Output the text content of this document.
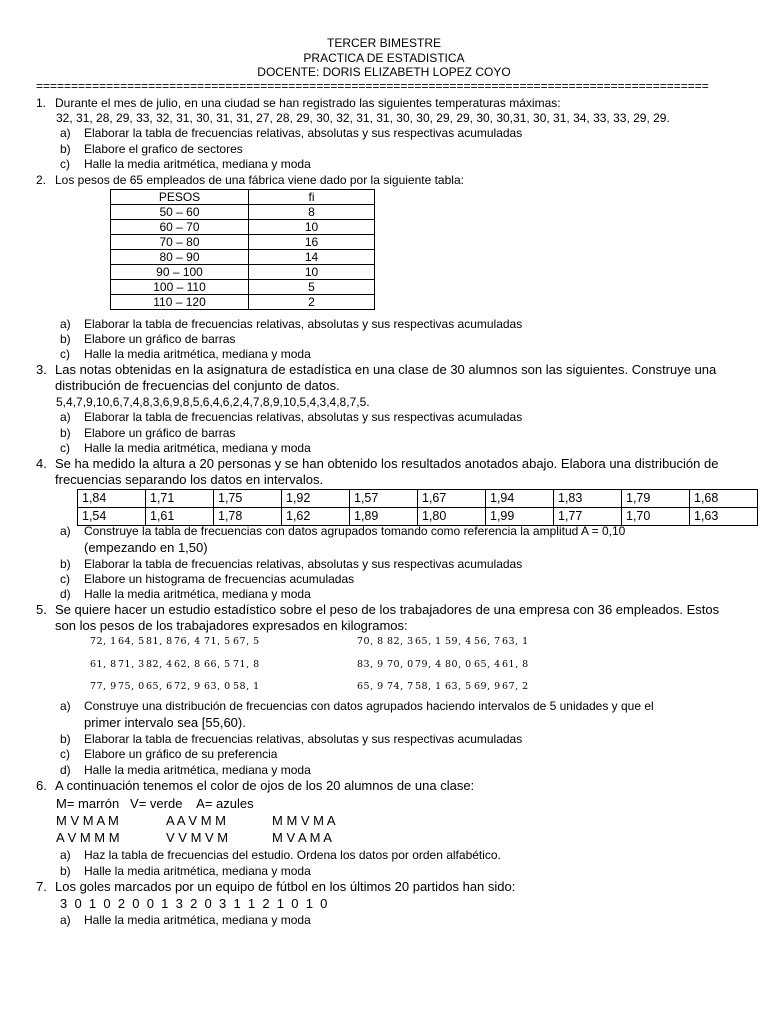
TERCER BIMESTRE
PRACTICA DE ESTADISTICA
DOCENTE: DORIS ELIZABETH LOPEZ COYO
================================================================================================
1. Durante el mes de julio, en una ciudad se han registrado las siguientes temperaturas máximas:
32, 31, 28, 29, 33, 32, 31, 30, 31, 31, 27, 28, 29, 30, 32, 31, 31, 30, 30, 29, 29, 30, 30,31, 30, 31, 34, 33, 33, 29, 29.
a) Elaborar la tabla de frecuencias relativas, absolutas y sus respectivas acumuladas
b) Elabore el grafico de sectores
c) Halle la media aritmética, mediana y moda
2. Los pesos de 65 empleados de una fábrica viene dado por la siguiente tabla:
PESOS	fi
50 – 60	8
60 – 70	10
70 – 80	16
80 – 90	14
90 – 100	10
100 – 110	5
110 – 120	2
a) Elaborar la tabla de frecuencias relativas, absolutas y sus respectivas acumuladas
b) Elabore un gráfico de barras
c) Halle la media aritmética, mediana y moda
3. Las notas obtenidas en la asignatura de estadística en una clase de 30 alumnos son las siguientes. Construye una
distribución de frecuencias del conjunto de datos.
5,4,7,9,10,6,7,4,8,3,6,9,8,5,6,4,6,2,4,7,8,9,10,5,4,3,4,8,7,5.
a) Elaborar la tabla de frecuencias relativas, absolutas y sus respectivas acumuladas
b) Elabore un gráfico de barras
c) Halle la media aritmética, mediana y moda
4. Se ha medido la altura a 20 personas y se han obtenido los resultados anotados abajo. Elabora una distribución de
frecuencias separando los datos en intervalos.
1,84	1,71	1,75	1,92	1,57	1,67	1,94	1,83	1,79	1,68
1,54	1,61	1,78	1,62	1,89	1,80	1,99	1,77	1,70	1,63
a) Construye la tabla de frecuencias con datos agrupados tomando como referencia la amplitud A = 0,10
(empezando en 1,50)
b) Elaborar la tabla de frecuencias relativas, absolutas y sus respectivas acumuladas
c) Elabore un histograma de frecuencias acumuladas
d) Halle la media aritmética, mediana y moda
5. Se quiere hacer un estudio estadístico sobre el peso de los trabajadores de una empresa con 36 empleados. Estos
son los pesos de los trabajadores expresados en kilogramos:
72, 1 64, 5 81, 8 76, 4 71, 5 67, 5	70, 8 82, 3 65, 1 59, 4 56, 7 63, 1
61, 8 71, 3 82, 4 62, 8 66, 5 71, 8	83, 9 70, 0 79, 4 80, 0 65, 4 61, 8
77, 9 75, 0 65, 6 72, 9 63, 0 58, 1	65, 9 74, 7 58, 1 63, 5 69, 9 67, 2
a) Construye una distribución de frecuencias con datos agrupados haciendo intervalos de 5 unidades y que el
primer intervalo sea [55,60).
b) Elaborar la tabla de frecuencias relativas, absolutas y sus respectivas acumuladas
c) Elabore un gráfico de su preferencia
d) Halle la media aritmética, mediana y moda
6. A continuación tenemos el color de ojos de los 20 alumnos de una clase:
M= marrón   V= verde    A= azules
M V M A M	A A V M M	M M V M A
A V M M M	V V M V M	M V A M A
a) Haz la tabla de frecuencias del estudio. Ordena los datos por orden alfabético.
b) Halle la media aritmética, mediana y moda
7. Los goles marcados por un equipo de fútbol en los últimos 20 partidos han sido:
3  0  1  0  2  0  0  1  3  2  0  3  1  1  2  1  0  1  0
a) Halle la media aritmética, mediana y moda
